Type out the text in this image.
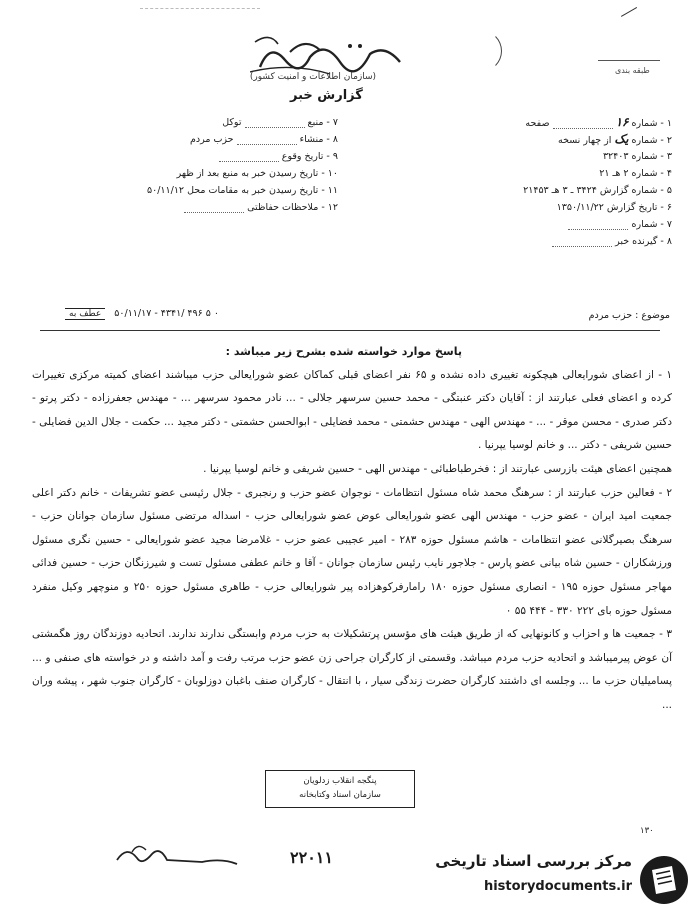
(سازمان اطلاعات و امنیت کشور)
گزارش خبر
طبقه بندی
۱ - شماره ۱۶  صفحه
۲ - شماره یک از چهار نسخه
۳ - شماره ۳۲۴۰۳
۴ - شماره ۲ هـ ۲۱
۵ - شماره گزارش ۳۴۲۴ ـ ۳ هـ ۲۱۴۵۳
۶ - تاریخ گزارش ۱۳۵۰/۱۱/۲۲
۷ - شماره
۸ - گیرنده خبر
۷ - منبع  توکل
۸ - منشاء  حزب مردم
۹ - تاریخ وقوع
۱۰ - تاریخ رسیدن خبر به منبع بعد از ظهر
۱۱ - تاریخ رسیدن خبر به مقامات محل ۵۰/۱۱/۱۲
۱۲ - ملاحظات حفاظتی
عطف به ۵۰/۱۱/۱۷ - ۴۳۴۱/ ۴۹۶ ۵ ۰	موضوع : حزب مردم

پاسخ موارد خواسته شده بشرح زیر میباشد :

۱ - از اعضای شورایعالی هیچکونه تغییری داده نشده و ۶۵ نفر اعضای قبلی کماکان عضو شورایعالی حزب میباشند اعضای کمیته مرکزی تغییرات کرده و اعضای فعلی عبارتند از : آقایان دکتر عنبتگی - محمد حسین سرسهر جلالی - ... نادر محمود سرسهر ... - مهندس جعفرزاده - دکتر پرتو - دکتر صدری - محسن موقر - ... - مهندس الهی - مهندس حشمتی - محمد فضایلی - ابوالحسن حشمتی - دکتر مجید ... حکمت - جلال الدین فضایلی - حسین شریفی - دکتر ... و خانم لوسیا یپرنیا .

همچنین اعضای هیئت بازرسی عبارتند از : فخرطباطبائی - مهندس الهی - حسین شریفی و خانم لوسیا یپرنیا .

۲ - فعالین حزب عبارتند از : سرهنگ محمد شاه مسئول انتظامات - نوجوان عضو حزب و رنجبری - جلال رئیسی عضو تشریفات - خانم دکتر اعلی جمعیت امید ایران - عضو حزب - مهندس الهی عضو شورایعالی عوض عضو شورایعالی حزب - اسداله مرتضی مسئول سازمان جوانان حزب - سرهنگ بصیرگلانی عضو انتظامات - هاشم مسئول حوزه ۲۸۳ - امیر عجیبی عضو حزب - غلامرضا مجید عضو شورایعالی - حسین نگری مسئول ورزشکاران - حسین شاه بیانی عضو پارس - جلاجور نایب رئیس سازمان جوانان - آقا و خانم عطفی مسئول تست و شیرزنگان حزب - حسین فدائی مهاجر مسئول حوزه ۱۹۵ - انصاری مسئول حوزه ۱۸۰ رامارفرکوهزاده پیر شورایعالی حزب - طاهری مسئول حوزه ۲۵۰ و منوچهر وکیل منفرد مسئول حوزه بای ۲۲۲ ۳۳۰ - ۴۴۴ ۵۵ ۰

۳ - جمعیت ها و احزاب و کانونهایی که از طریق هیئت های مؤسس پرتشکیلات به حزب مردم وابستگی ندارند ندارند. اتحادیه دوزندگان روز هگمشتی آن عوض پیرمیباشد و اتحادیه حزب مردم میباشد. وقسمتی از کارگران جراحی زن عضو حزب مرتب رفت و آمد داشته و در خواسته های صنفی و ... پسامیلیان حزب ما ... وجلسه ای داشتند کارگران حضرت زندگی سیار ، با انتقال - کارگران صنف باغبان دوزلوبان - کارگران جنوب شهر ، پیشه وران ...

پنگجه انقلاب زدلویان
سازمان اسناد وکتابخانه
۱۳۰
۲۲۰۱۱	مرکز بررسی اسناد تاریخی
historydocuments.ir
